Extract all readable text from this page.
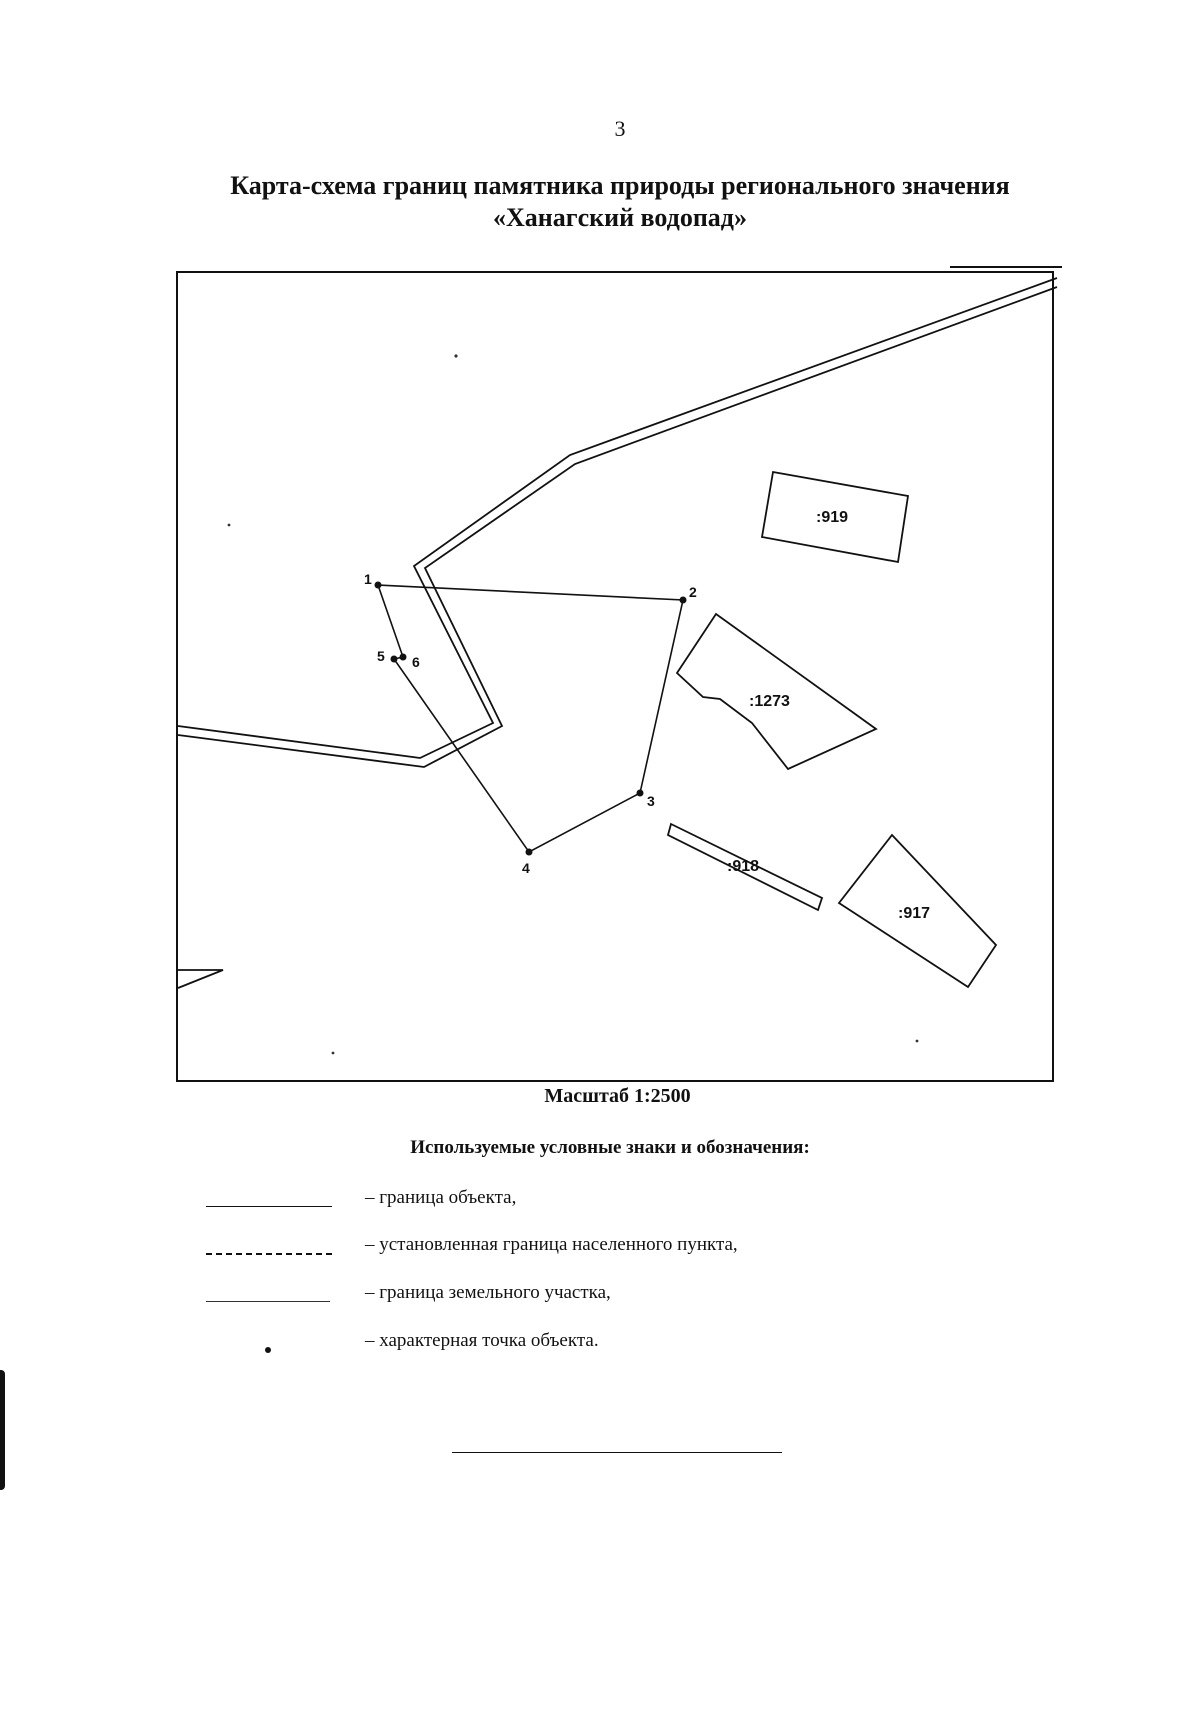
3
Карта-схема границ памятника природы регионального значения
«Ханагский водопад»
1
2
3
4
5 6
:919
:1273
:918
:917
Масштаб 1:2500
Используемые условные знаки и обозначения:
– граница объекта,
– установленная граница населенного пункта,
– граница земельного участка,
– характерная точка объекта.
